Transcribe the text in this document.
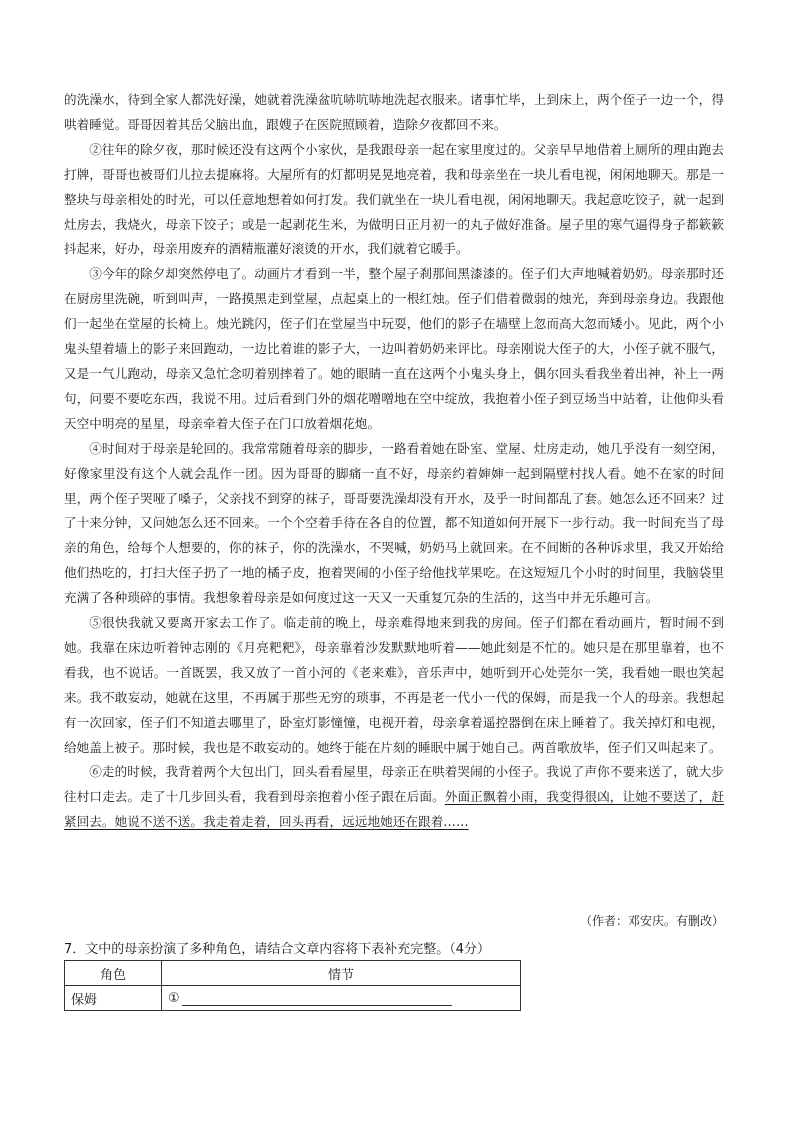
的洗澡水，待到全家人都洗好澡，她就着洗澡盆吭哧吭哧地洗起衣服来。诸事忙毕，上到床上，两个侄子一边一个，得哄着睡觉。哥哥因着其岳父脑出血，跟嫂子在医院照顾着，造除夕夜都回不来。

②往年的除夕夜，那时候还没有这两个小家伙，是我跟母亲一起在家里度过的。父亲早早地借着上厕所的理由跑去打牌，哥哥也被哥们儿拉去提麻将。大屋所有的灯都明晃晃地亮着，我和母亲坐在一块儿看电视，闲闲地聊天。那是一整块与母亲相处的时光，可以任意地想着如何打发。我们就坐在一块儿看电视，闲闲地聊天。我起意吃饺子，就一起到灶房去，我烧火，母亲下饺子；或是一起剥花生米，为做明日正月初一的丸子做好准备。屋子里的寒气逼得身子都簌簌抖起来，好办，母亲用废弃的酒精瓶灌好滚烫的开水，我们就着它暖手。

③今年的除夕却突然停电了。动画片才看到一半，整个屋子刹那间黑漆漆的。侄子们大声地喊着奶奶。母亲那时还在厨房里洗碗，听到叫声，一路摸黑走到堂屋，点起桌上的一根红烛。侄子们借着微弱的烛光，奔到母亲身边。我跟他们一起坐在堂屋的长椅上。烛光跳闪，侄子们在堂屋当中玩耍，他们的影子在墙壁上忽而高大忽而矮小。见此，两个小鬼头望着墙上的影子来回跑动，一边比着谁的影子大，一边叫着奶奶来评比。母亲刚说大侄子的大，小侄子就不服气，又是一气儿跑动，母亲又急忙念叨着别摔着了。她的眼睛一直在这两个小鬼头身上，偶尔回头看我坐着出神，补上一两句，问要不要吃东西，我说不用。过后看到门外的烟花噌噌地在空中绽放，我抱着小侄子到豆场当中站着，让他仰头看天空中明亮的星星，母亲牵着大侄子在门口放着烟花炮。

④时间对于母亲是轮回的。我常常随着母亲的脚步，一路看着她在卧室、堂屋、灶房走动，她几乎没有一刻空闲，好像家里没有这个人就会乱作一团。因为哥哥的脚痛一直不好，母亲约着婶婶一起到隔壁村找人看。她不在家的时间里，两个侄子哭哑了嗓子，父亲找不到穿的袜子，哥哥要洗澡却没有开水，及乎一时间都乱了套。她怎么还不回来？过了十来分钟，又问她怎么还不回来。一个个空着手待在各自的位置，都不知道如何开展下一步行动。我一时间充当了母亲的角色，给每个人想要的，你的袜子，你的洗澡水，不哭喊，奶奶马上就回来。在不间断的各种诉求里，我又开始给他们热吃的，打扫大侄子扔了一地的橘子皮，抱着哭闹的小侄子给他找苹果吃。在这短短几个小时的时间里，我脑袋里充满了各种琐碎的事情。我想象着母亲是如何度过这一天又一天重复冗杂的生活的，这当中并无乐趣可言。

⑤很快我就又要离开家去工作了。临走前的晚上，母亲难得地来到我的房间。侄子们都在看动画片，暂时闹不到她。我靠在床边听着钟志刚的《月亮粑粑》，母亲靠着沙发默默地听着——她此刻是不忙的。她只是在那里靠着，也不看我，也不说话。一首既罢，我又放了一首小河的《老来难》，音乐声中，她听到开心处莞尔一笑，我看她一眼也笑起来。我不敢妄动，她就在这里，不再属于那些无穷的琐事，不再是老一代小一代的保姆，而是我一个人的母亲。我想起有一次回家，侄子们不知道去哪里了，卧室灯影憧憧，电视开着，母亲拿着遥控器倒在床上睡着了。我关掉灯和电视，给她盖上被子。那时候，我也是不敢妄动的。她终于能在片刻的睡眠中属于她自己。两首歌放毕，侄子们又叫起来了。

⑥走的时候，我背着两个大包出门，回头看看屋里，母亲正在哄着哭闹的小侄子。我说了声你不要来送了，就大步往村口走去。走了十几步回头看，我看到母亲抱着小侄子跟在后面。外面正飘着小雨，我变得很凶，让她不要送了，赶紧回去。她说不送不送。我走着走着，回头再看，远远地她还在跟着……

（作者：邓安庆。有删改）
7．文中的母亲扮演了多种角色，请结合文章内容将下表补充完整。（4分）
角色	情节
保姆	①
